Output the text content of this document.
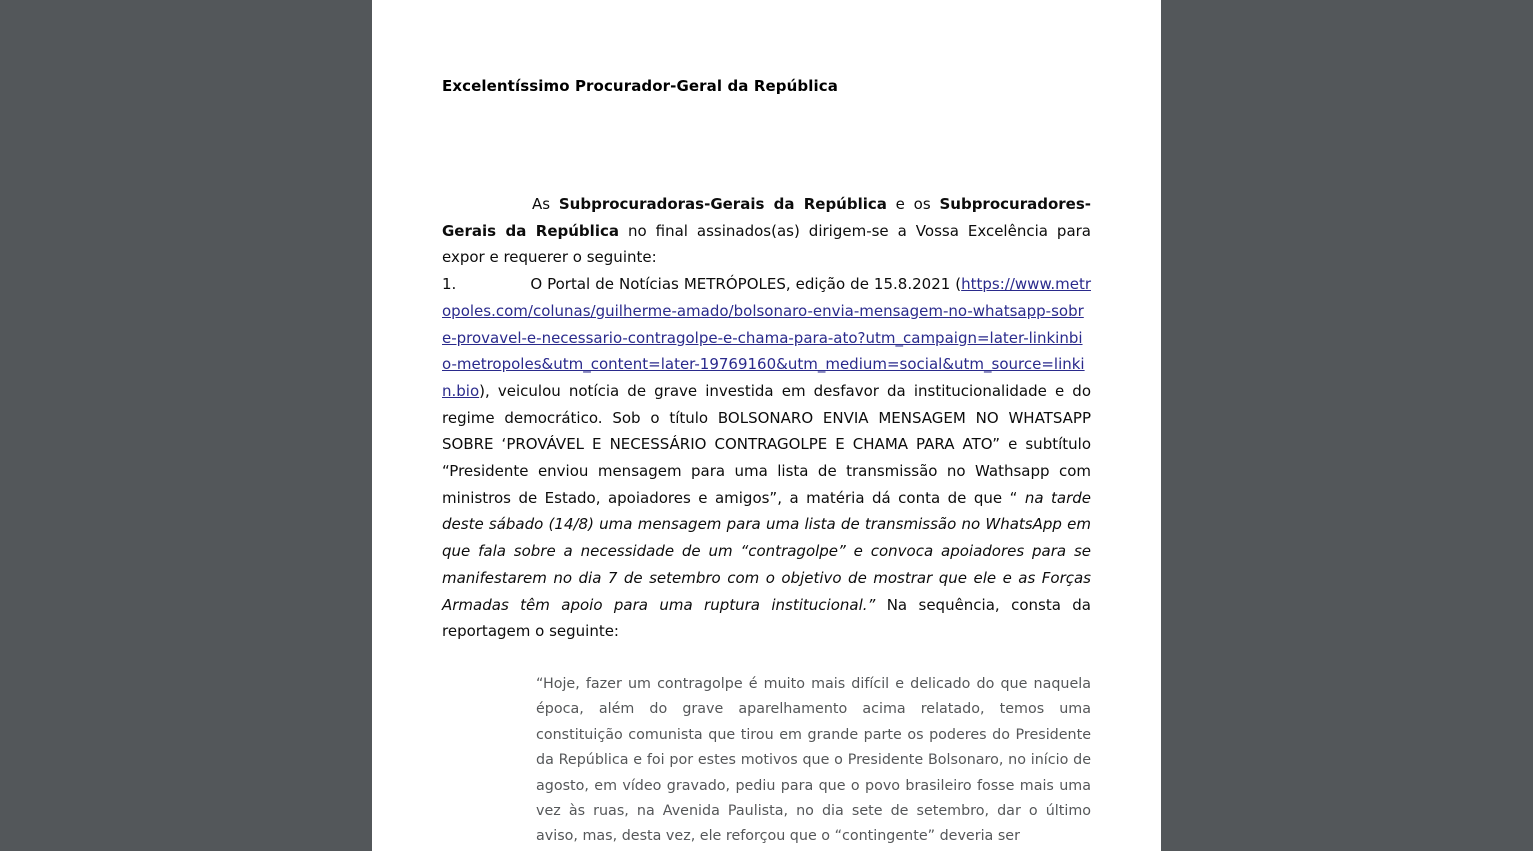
Excelentíssimo Procurador-Geral da República

As Subprocuradoras-Gerais da República e os Subprocuradores-Gerais da República no final assinados(as) dirigem-se a Vossa Excelência para expor e requerer o seguinte:

1.	O Portal de Notícias METRÓPOLES, edição de 15.8.2021 (https://www.metropoles.com/colunas/guilherme-amado/bolsonaro-envia-mensagem-no-whatsapp-sobre-provavel-e-necessario-contragolpe-e-chama-para-ato?utm_campaign=later-linkinbio-metropoles&utm_content=later-19769160&utm_medium=social&utm_source=linkin.bio), veiculou notícia de grave investida em desfavor da institucionalidade e do regime democrático. Sob o título BOLSONARO ENVIA MENSAGEM NO WHATSAPP SOBRE ‘PROVÁVEL E NECESSÁRIO CONTRAGOLPE E CHAMA PARA ATO” e subtítulo “Presidente enviou mensagem para uma lista de transmissão no Wathsapp com ministros de Estado, apoiadores e amigos”, a matéria dá conta de que “ na tarde deste sábado (14/8) uma mensagem para uma lista de transmissão no WhatsApp em que fala sobre a necessidade de um “contragolpe” e convoca apoiadores para se manifestarem no dia 7 de setembro com o objetivo de mostrar que ele e as Forças Armadas têm apoio para uma ruptura institucional.” Na sequência, consta da reportagem o seguinte:

“Hoje, fazer um contragolpe é muito mais difícil e delicado do que naquela época, além do grave aparelhamento acima relatado, temos uma constituição comunista que tirou em grande parte os poderes do Presidente da República e foi por estes motivos que o Presidente Bolsonaro, no início de agosto, em vídeo gravado, pediu para que o povo brasileiro fosse mais uma vez às ruas, na Avenida Paulista, no dia sete de setembro, dar o último aviso, mas, desta vez, ele reforçou que o “contingente” deveria ser
